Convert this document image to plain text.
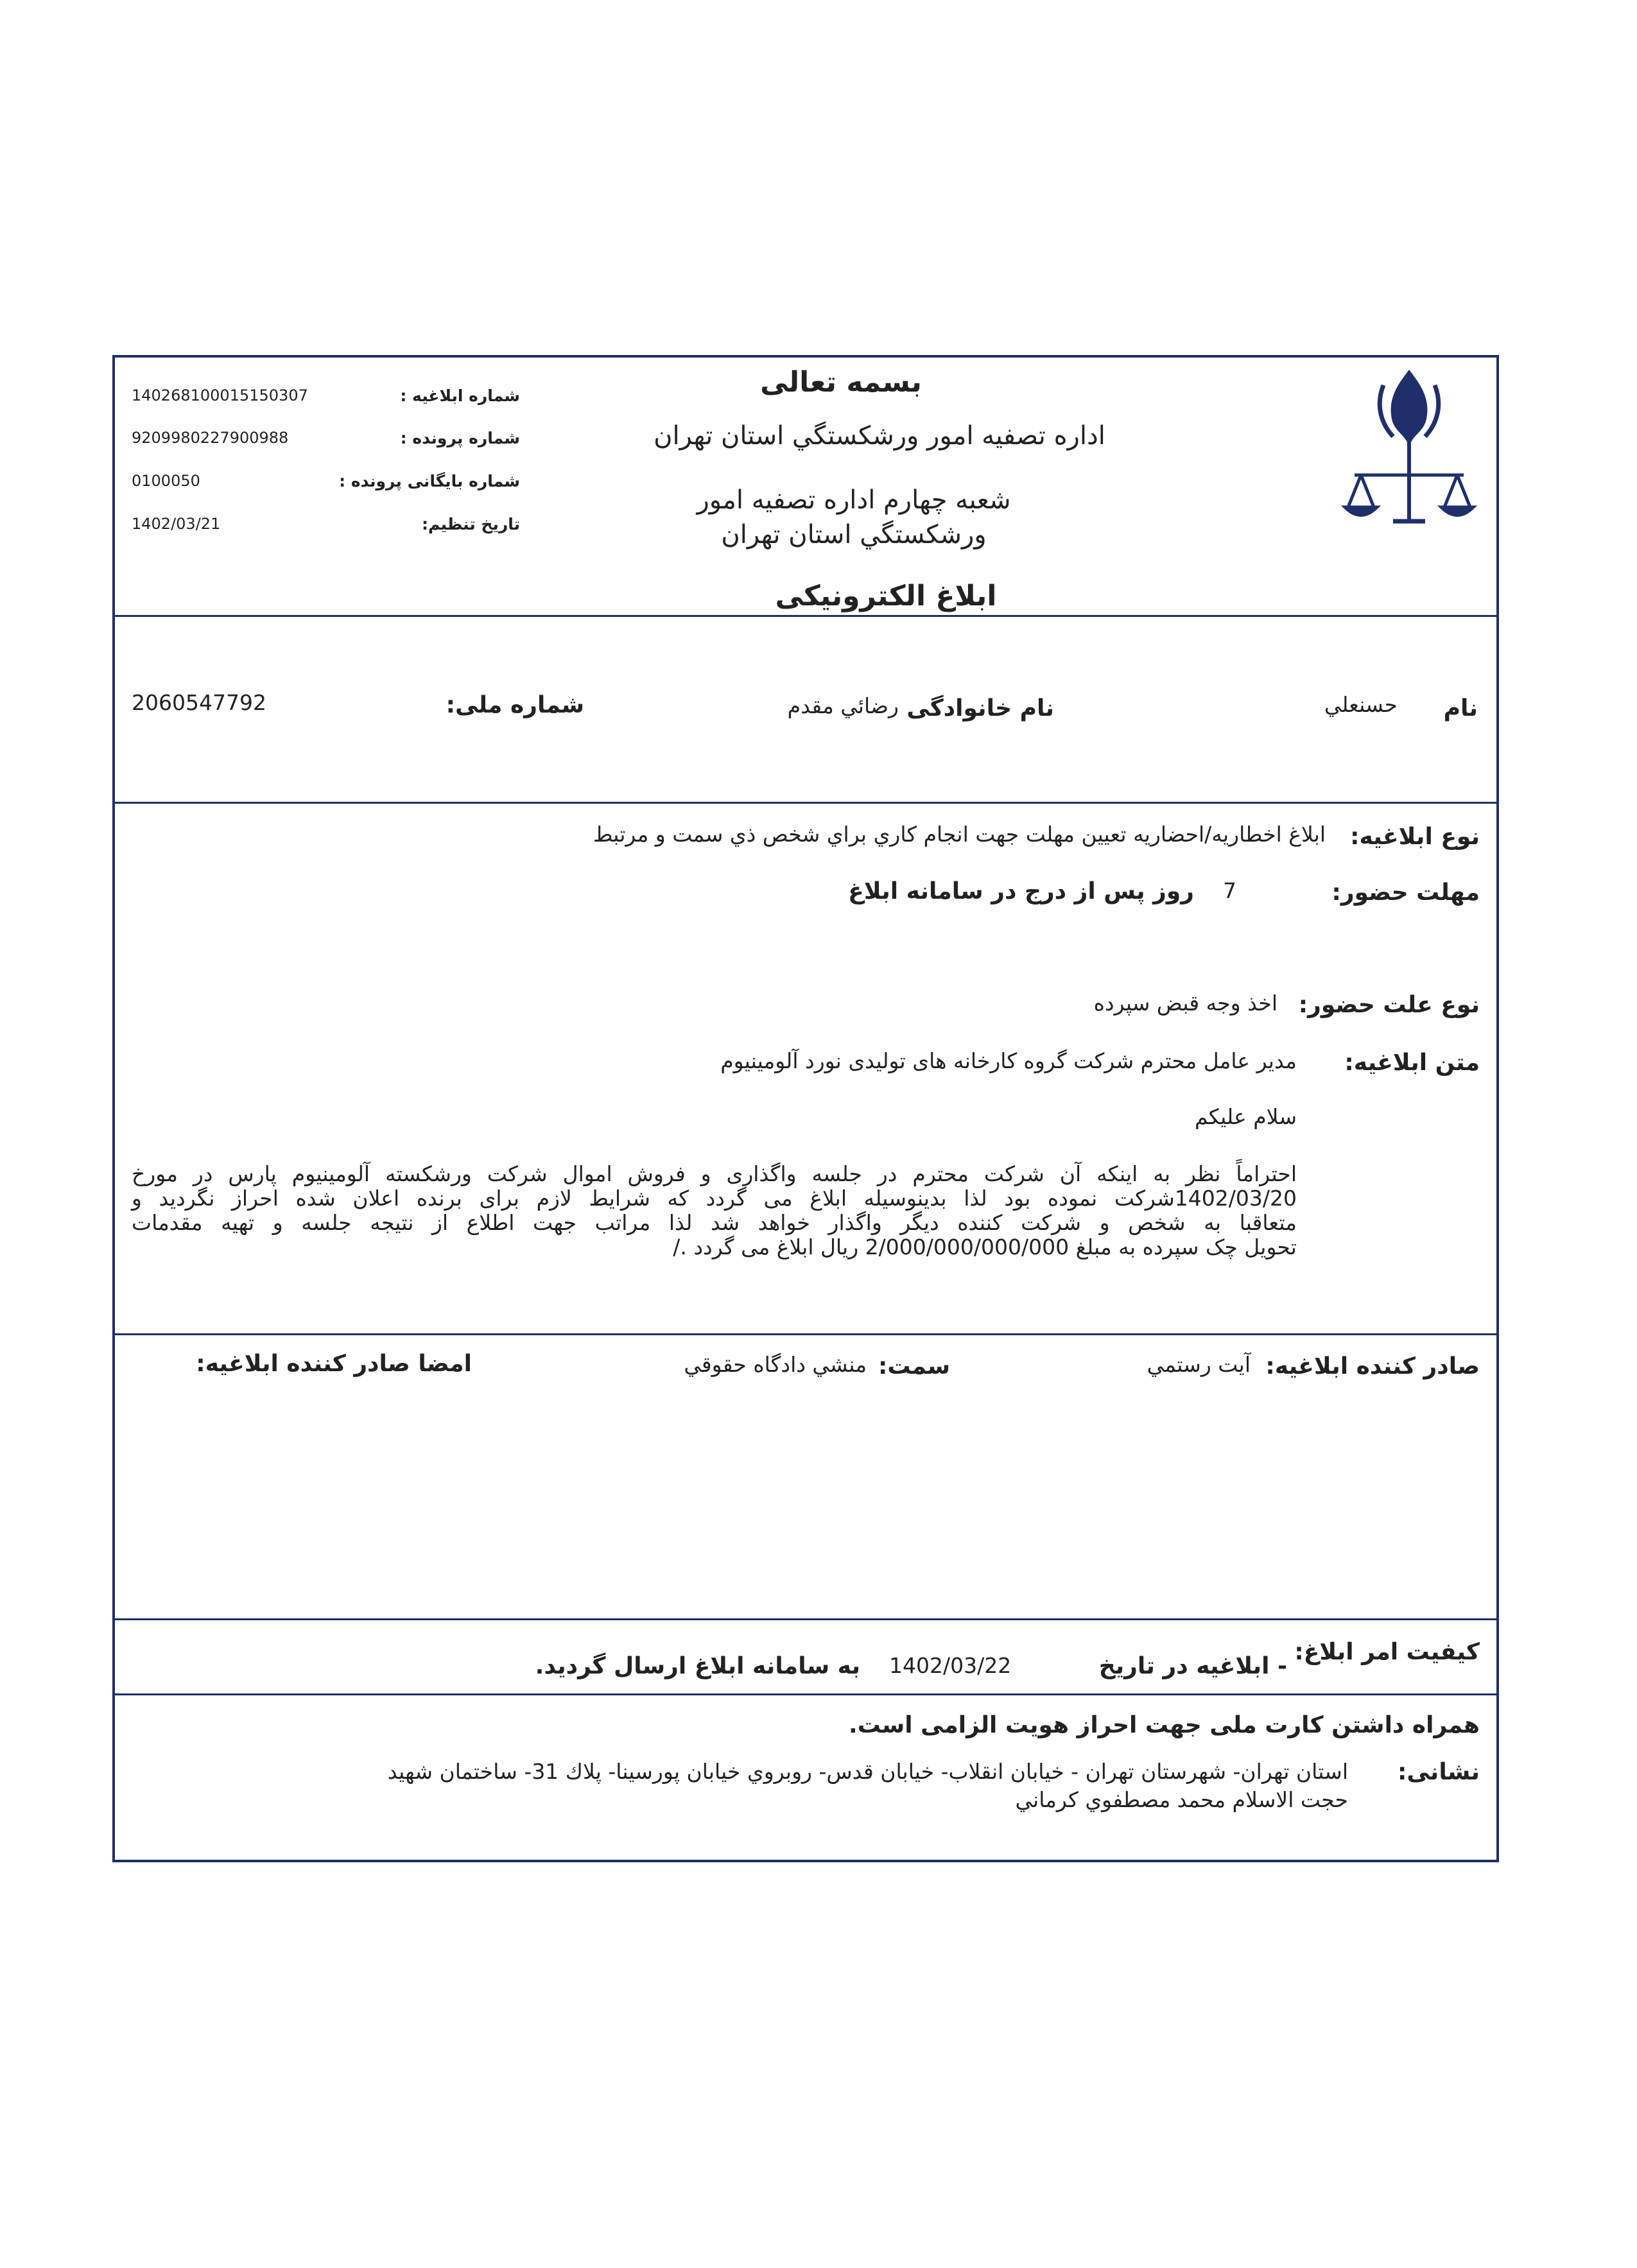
شماره ابلاغیه :
140268100015150307
شماره پرونده :
9209980227900988
شماره بایگانی پرونده :
0100050
تاریخ تنظیم:
1402/03/21
بسمه تعالی
اداره تصفیه امور ورشکستگي استان تهران
شعبه چهارم اداره تصفیه امور
ورشکستگي استان تهران
ابلاغ الکترونیکی
نام
حسنعلي
نام خانوادگی
رضائي مقدم
شماره ملی:
2060547792
نوع ابلاغیه:
ابلاغ اخطاریه/احضاریه تعیین مهلت جهت انجام کاري براي شخص ذي سمت و مرتبط
مهلت حضور:
7
روز پس از درج در سامانه ابلاغ
نوع علت حضور:
اخذ وجه قبض سپرده
متن ابلاغیه:
مدیر عامل محترم شرکت گروه کارخانه های تولیدی نورد آلومینیوم
سلام علیکم
احتراماً نظر به اینکه آن شرکت محترم در جلسه واگذاری و فروش اموال شرکت ورشکسته آلومینیوم پارس در مورخ
1402/03/20شرکت نموده بود لذا بدینوسیله ابلاغ می گردد که شرایط لازم برای برنده اعلان شده احراز نگردید و
متعاقبا به شخص و شرکت کننده دیگر واگذار خواهد شد لذا مراتب جهت اطلاع از نتیجه جلسه و تهیه مقدمات
تحویل چک سپرده به مبلغ 2/000/000/000/000 ریال ابلاغ می گردد ./
صادر کننده ابلاغیه:
آیت رستمي
سمت:
منشي دادگاه حقوقي
امضا صادر کننده ابلاغیه:
کیفیت امر ابلاغ:
- ابلاغیه در تاریخ
1402/03/22
به سامانه ابلاغ ارسال گردید.
همراه داشتن کارت ملی جهت احراز هویت الزامی است.
نشانی:
استان تهران- شهرستان تهران - خیابان انقلاب- خیابان قدس- روبروي خیابان پورسینا- پلاك 31- ساختمان شهید
حجت الاسلام محمد مصطفوي کرماني
